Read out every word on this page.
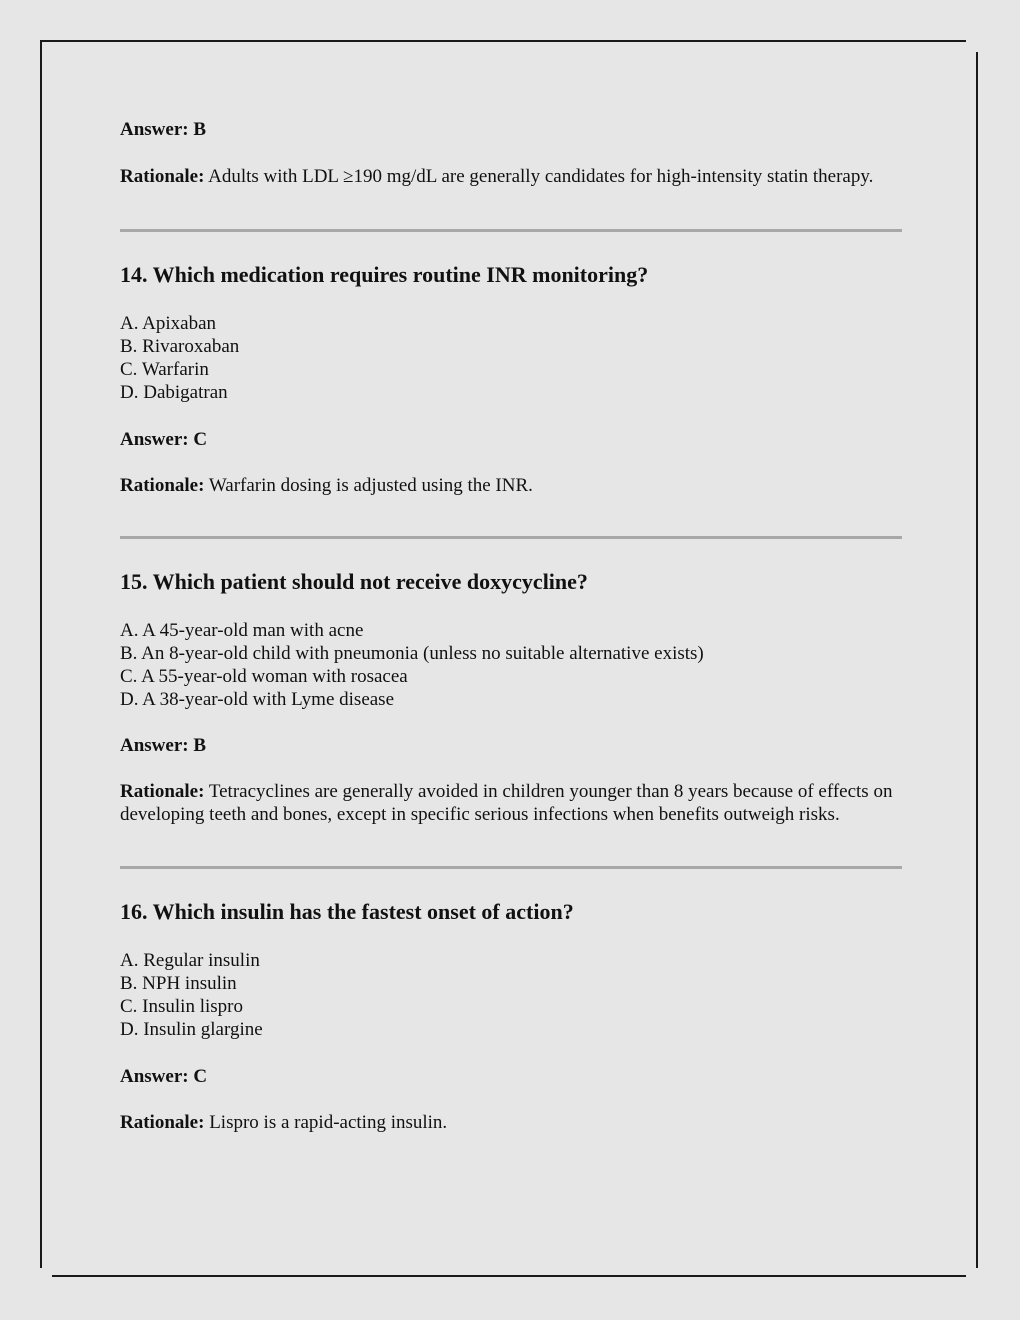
Answer: B

Rationale: Adults with LDL ≥190 mg/dL are generally candidates for high-intensity statin therapy.

14. Which medication requires routine INR monitoring?

A. Apixaban

B. Rivaroxaban

C. Warfarin

D. Dabigatran

Answer: C

Rationale: Warfarin dosing is adjusted using the INR.

15. Which patient should not receive doxycycline?

A. A 45-year-old man with acne

B. An 8-year-old child with pneumonia (unless no suitable alternative exists)

C. A 55-year-old woman with rosacea

D. A 38-year-old with Lyme disease

Answer: B

Rationale: Tetracyclines are generally avoided in children younger than 8 years because of effects on developing teeth and bones, except in specific serious infections when benefits outweigh risks.

16. Which insulin has the fastest onset of action?

A. Regular insulin

B. NPH insulin

C. Insulin lispro

D. Insulin glargine

Answer: C

Rationale: Lispro is a rapid-acting insulin.
